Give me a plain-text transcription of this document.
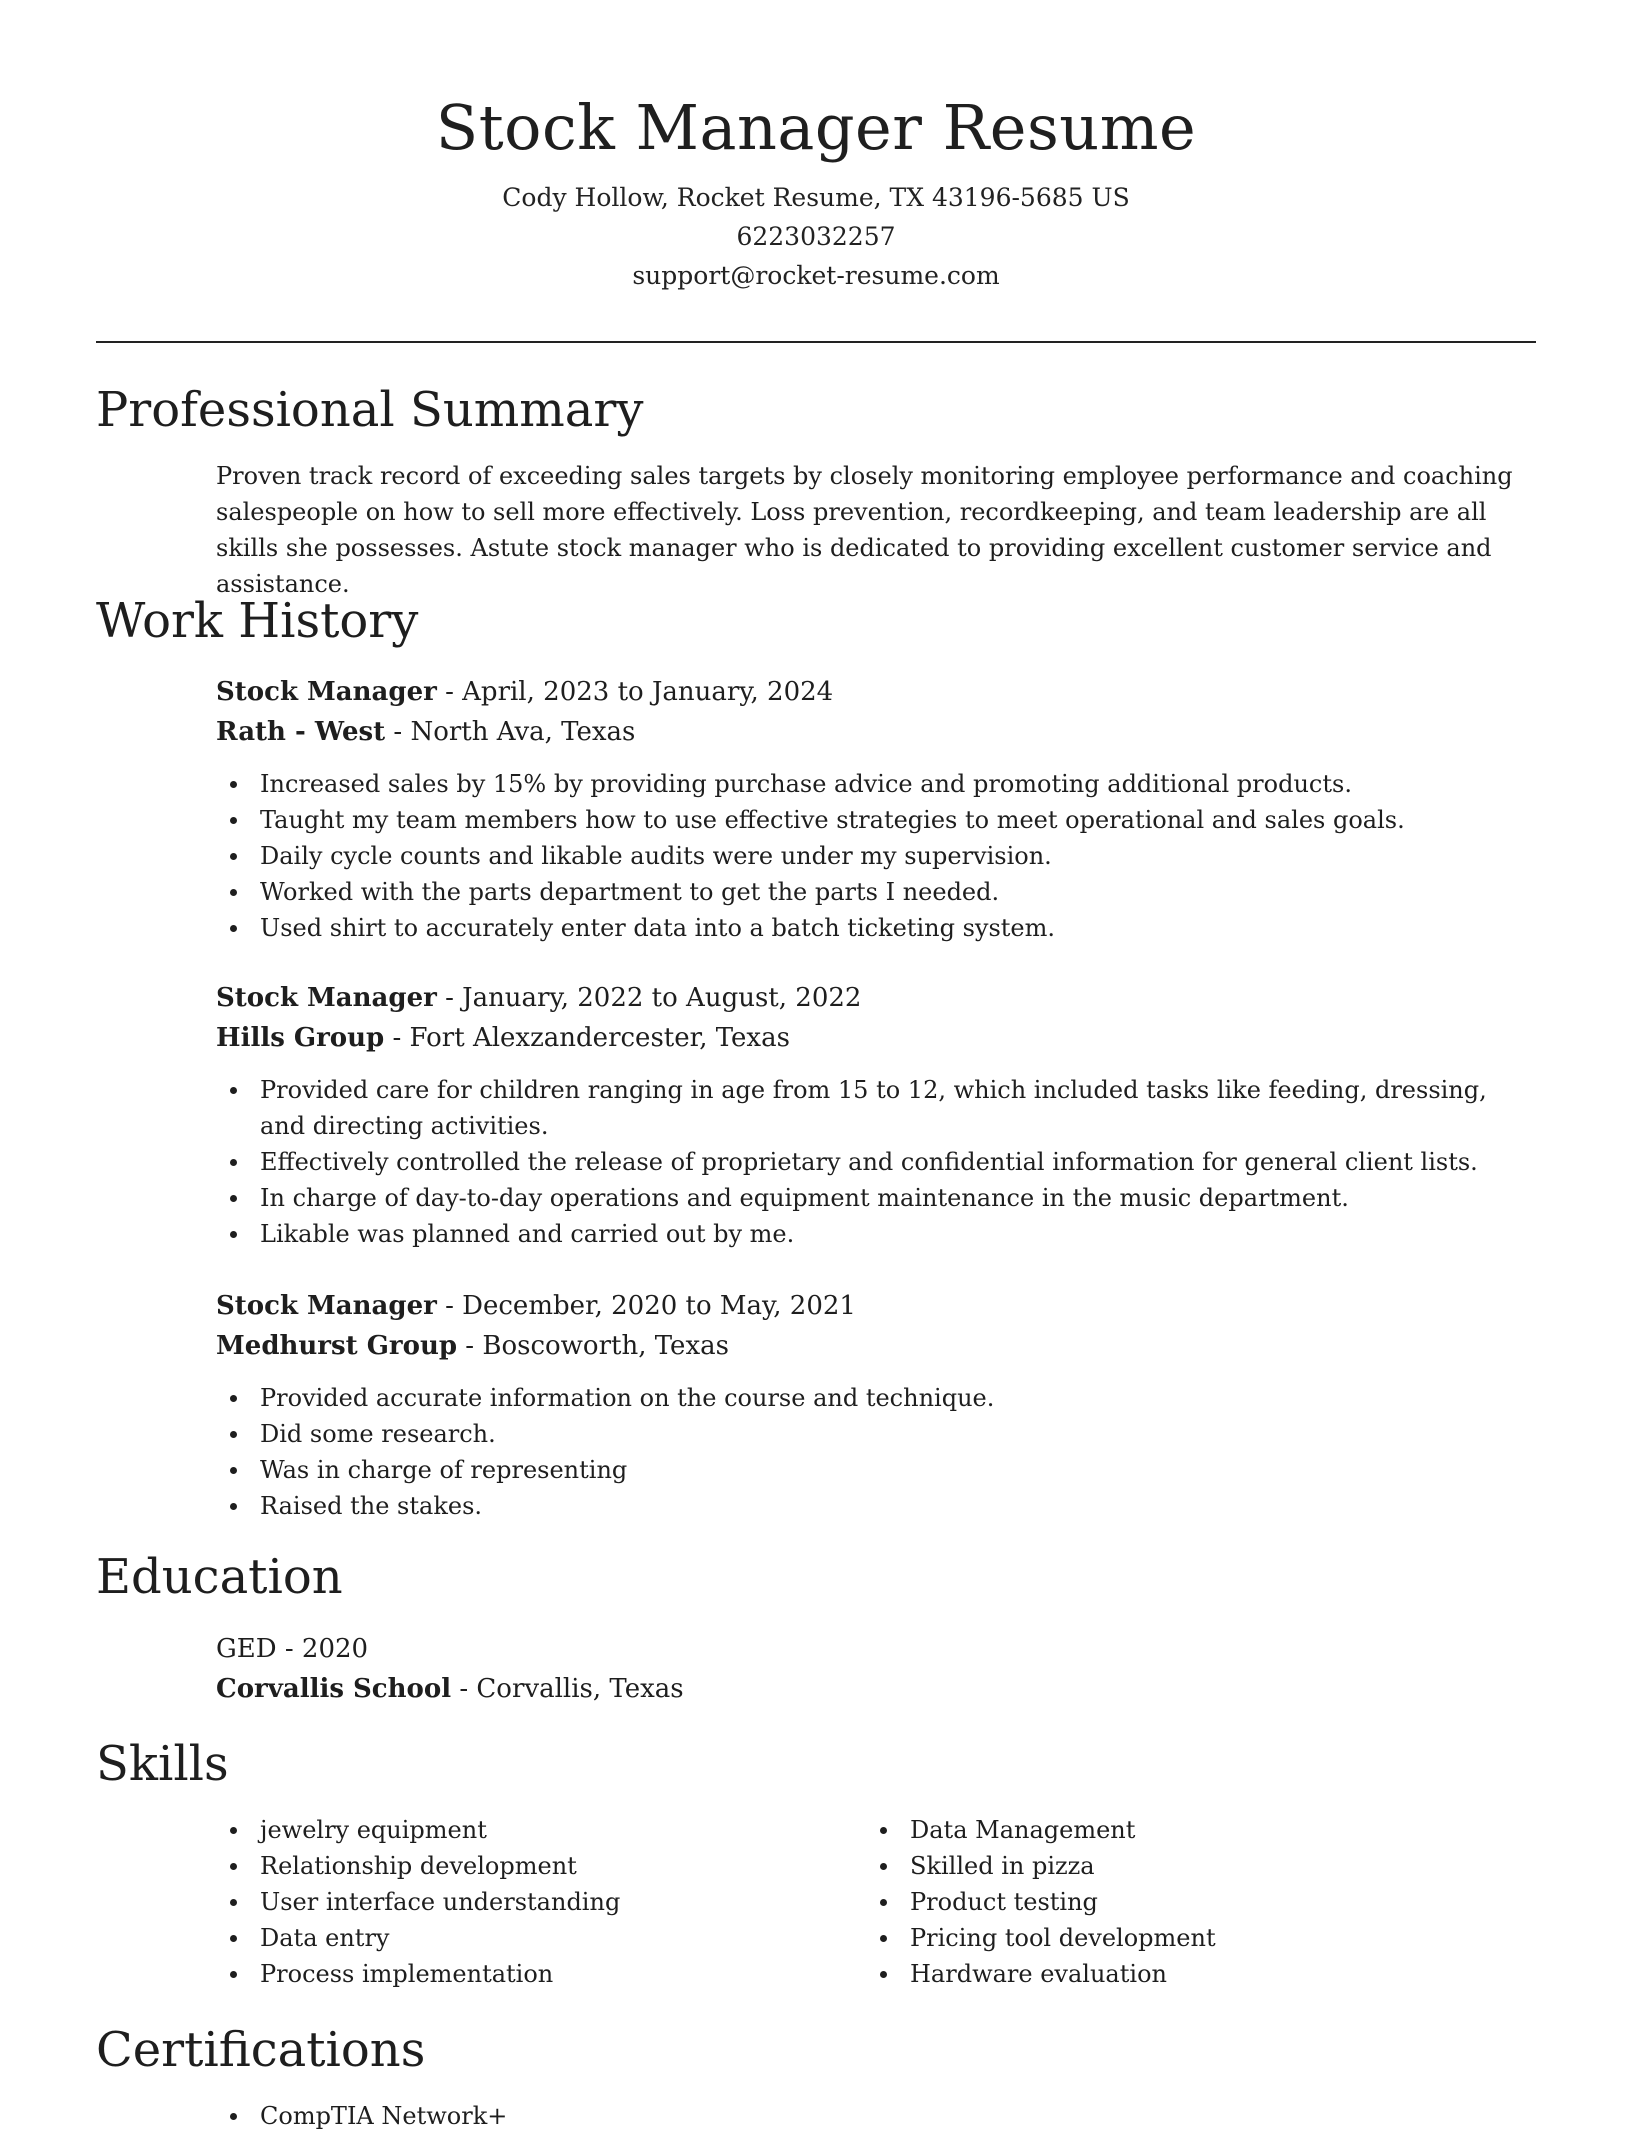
Stock Manager Resume
Cody Hollow, Rocket Resume, TX 43196-5685 US
6223032257
support@rocket-resume.com
Professional Summary

Proven track record of exceeding sales targets by closely monitoring employee performance and coaching salespeople on how to sell more effectively. Loss prevention, recordkeeping, and team leadership are all skills she possesses. Astute stock manager who is dedicated to providing excellent customer service and assistance.

Work History
Stock Manager - April, 2023 to January, 2024
Rath - West - North Ava, Texas
Increased sales by 15% by providing purchase advice and promoting additional products.
Taught my team members how to use effective strategies to meet operational and sales goals.
Daily cycle counts and likable audits were under my supervision.
Worked with the parts department to get the parts I needed.
Used shirt to accurately enter data into a batch ticketing system.
Stock Manager - January, 2022 to August, 2022
Hills Group - Fort Alexzandercester, Texas
Provided care for children ranging in age from 15 to 12, which included tasks like feeding, dressing, and directing activities.
Effectively controlled the release of proprietary and confidential information for general client lists.
In charge of day-to-day operations and equipment maintenance in the music department.
Likable was planned and carried out by me.
Stock Manager - December, 2020 to May, 2021
Medhurst Group - Boscoworth, Texas
Provided accurate information on the course and technique.
Did some research.
Was in charge of representing
Raised the stakes.
Education
GED - 2020
Corvallis School - Corvallis, Texas
Skills
jewelry equipment
Relationship development
User interface understanding
Data entry
Process implementation
Data Management
Skilled in pizza
Product testing
Pricing tool development
Hardware evaluation
Certifications
CompTIA Network+
